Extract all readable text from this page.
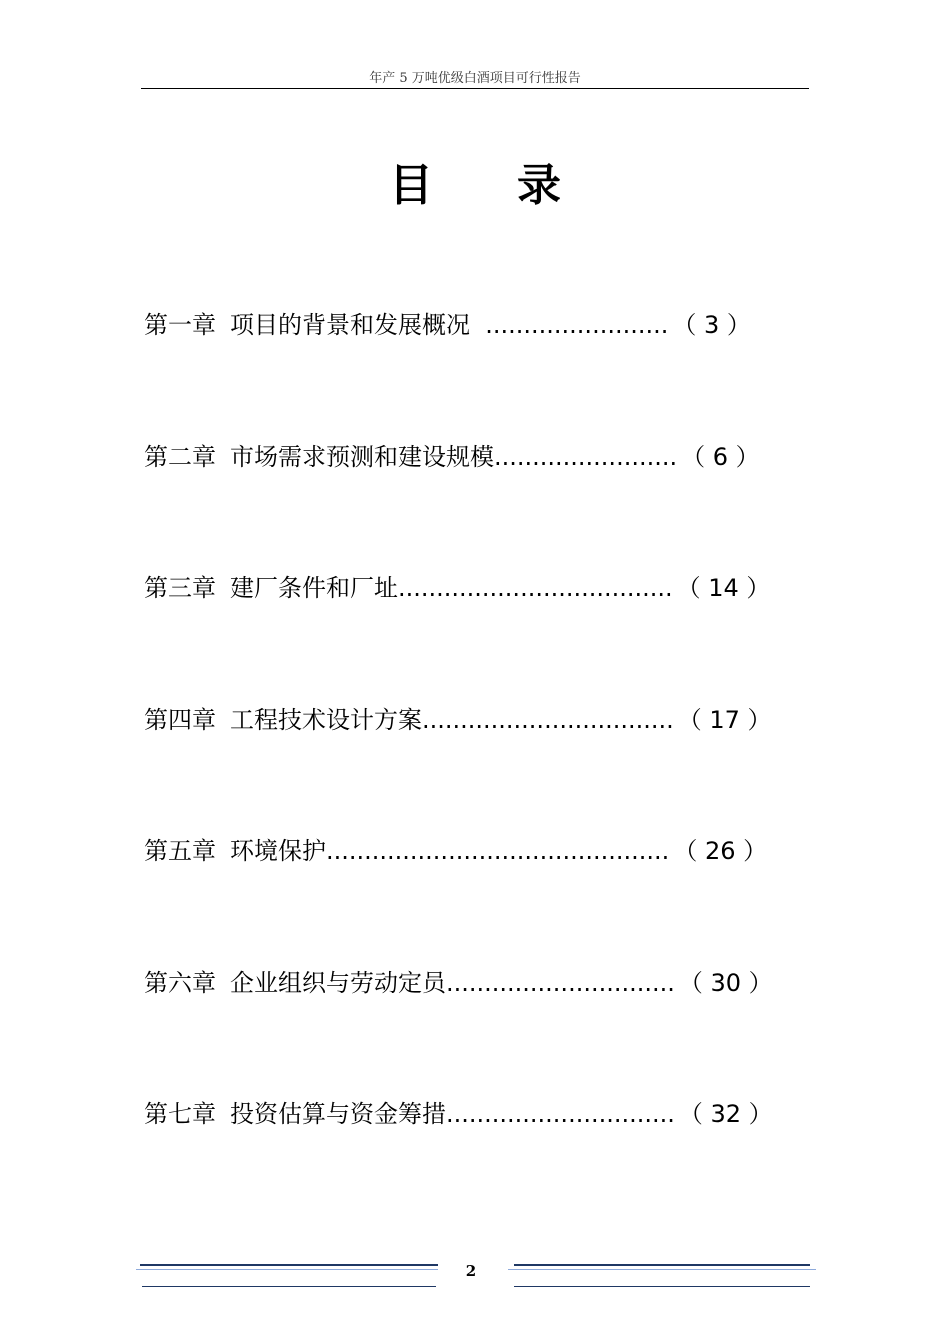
年产 5 万吨优级白酒项目可行性报告
目录
第一章 项目的背景和发展概况  ........................ （ 3 ）
第二章 市场需求预测和建设规模........................ （ 6 ）
第三章 建厂条件和厂址.................................... （ 14 ）
第四章 工程技术设计方案................................. （ 17 ）
第五章 环境保护............................................. （ 26 ）
第六章 企业组织与劳动定员.............................. （ 30 ）
第七章 投资估算与资金筹措.............................. （ 32 ）
2
